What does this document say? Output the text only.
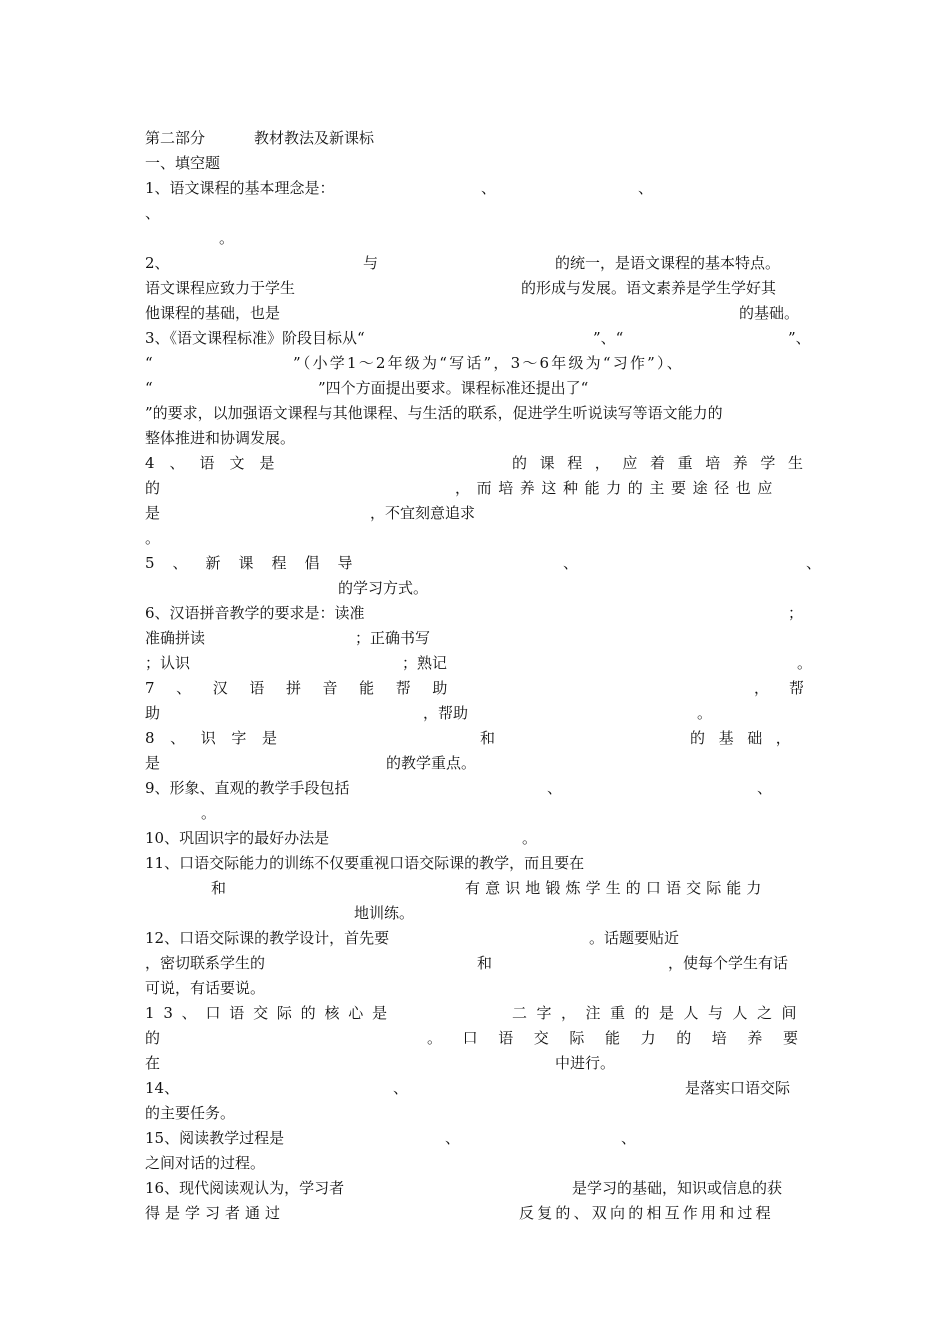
第二部分	教材教法及新课标
一、填空题
1、语文课程的基本理念是：	、	、
、
。
2、	与	的统一，是语文课程的基本特点。
语文课程应致力于学生	的形成与发展。语文素养是学生学好其
他课程的基础，也是	的基础。
3、《语文课程标准》阶段目标从“	”、“	”、
“	”（小学1～2年级为“写话”，3～6年级为“习作”）、
“	”四个方面提出要求。课程标准还提出了“
”的要求，以加强语文课程与其他课程、与生活的联系，促进学生听说读写等语文能力的
整体推进和协调发展。
4、语文是	的课程，应着重培养学生
的	，而培养这种能力的主要途径也应
是	，不宜刻意追求
。
5、新课程倡导	、	、
的学习方式。
6、汉语拼音教学的要求是：读准	；
准确拼读	；正确书写
；认识	；熟记	。
7、汉语拼音能帮助	，帮
助	，帮助	。
8、识字是	和	的基础，
是	的教学重点。
9、形象、直观的教学手段包括	、	、
。
10、巩固识字的最好办法是	。
11、口语交际能力的训练不仅要重视口语交际课的教学，而且要在
和	有意识地锻炼学生的口语交际能力
地训练。
12、口语交际课的教学设计，首先要	。话题要贴近
，密切联系学生的	和	，使每个学生有话
可说，有话要说。
13、口语交际的核心是	二字，注重的是人与人之间
的	。口语交际能力的培养要
在	中进行。
14、	、	是落实口语交际
的主要任务。
15、阅读教学过程是	、	、
之间对话的过程。
16、现代阅读观认为，学习者	是学习的基础，知识或信息的获
得是学习者通过	反复的、双向的相互作用和过程
